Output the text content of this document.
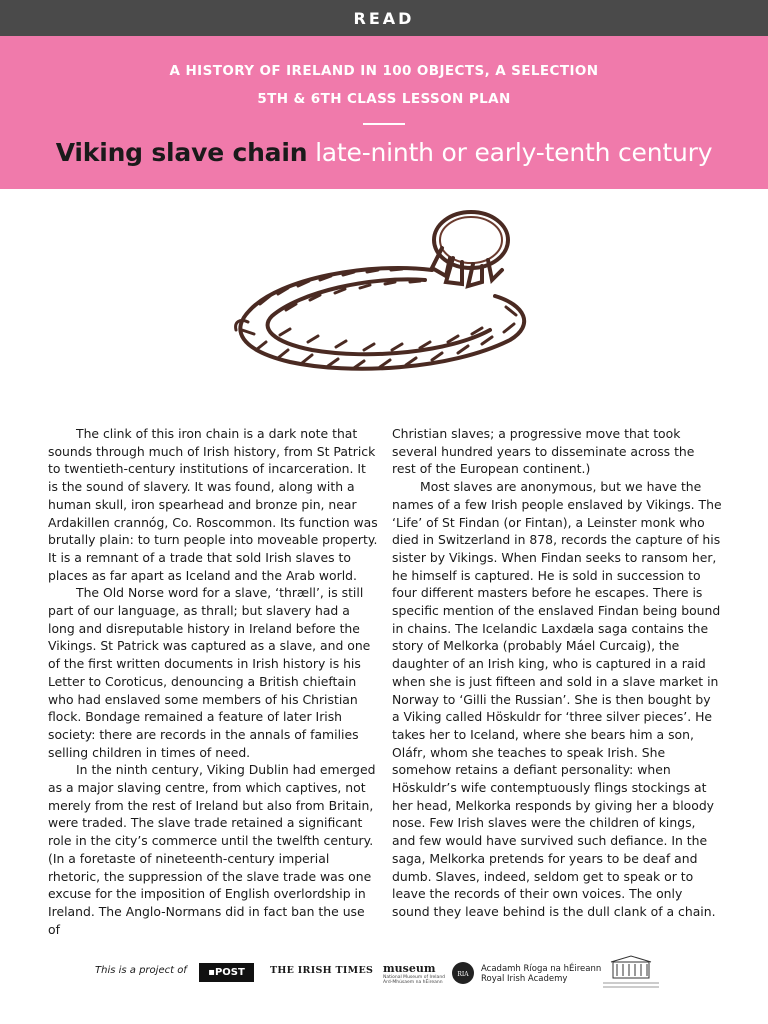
READ
A HISTORY OF IRELAND IN 100 OBJECTS, A SELECTION
5TH & 6TH CLASS LESSON PLAN
Viking slave chain late-ninth or early-tenth century

The clink of this iron chain is a dark note that sounds through much of Irish history, from St Patrick to twentieth-century institutions of incarceration. It is the sound of slavery. It was found, along with a human skull, iron spearhead and bronze pin, near Ardakillen crannóg, Co. Roscommon. Its function was brutally plain: to turn people into moveable property. It is a remnant of a trade that sold Irish slaves to places as far apart as Iceland and the Arab world.

The Old Norse word for a slave, ‘thræll’, is still part of our language, as thrall; but slavery had a long and disreputable history in Ireland before the Vikings. St Patrick was captured as a slave, and one of the first written documents in Irish history is his Letter to Coroticus, denouncing a British chieftain who had enslaved some members of his Christian flock. Bondage remained a feature of later Irish society: there are records in the annals of families selling children in times of need.

In the ninth century, Viking Dublin had emerged as a major slaving centre, from which captives, not merely from the rest of Ireland but also from Britain, were traded. The slave trade retained a significant role in the city’s commerce until the twelfth century. (In a foretaste of nineteenth-century imperial rhetoric, the suppression of the slave trade was one excuse for the imposition of English overlordship in Ireland. The Anglo-Normans did in fact ban the use of

Christian slaves; a progressive move that took several hundred years to disseminate across the rest of the European continent.)

Most slaves are anonymous, but we have the names of a few Irish people enslaved by Vikings. The ‘Life’ of St Findan (or Fintan), a Leinster monk who died in Switzerland in 878, records the capture of his sister by Vikings. When Findan seeks to ransom her, he himself is captured. He is sold in succession to four different masters before he escapes. There is specific mention of the enslaved Findan being bound in chains. The Icelandic Laxdæla saga contains the story of Melkorka (probably Máel Curcaig), the daughter of an Irish king, who is captured in a raid when she is just fifteen and sold in a slave market in Norway to ‘Gilli the Russian’. She is then bought by a Viking called Höskuldr for ‘three silver pieces’. He takes her to Iceland, where she bears him a son, Oláfr, whom she teaches to speak Irish. She somehow retains a defiant personality: when Höskuldr’s wife contemptuously flings stockings at her head, Melkorka responds by giving her a bloody nose. Few Irish slaves were the children of kings, and few would have survived such defiance. In the saga, Melkorka pretends for years to be deaf and dumb. Slaves, indeed, seldom get to speak or to leave the records of their own voices. The only sound they leave behind is the dull clank of a chain.

This is a project of	▪POST	THE IRISH TIMES museum
National Museum of Ireland
Ard-Mhúsaem na hÉireann
RIA
Acadamh Ríoga na hÉireann
Royal Irish Academy
